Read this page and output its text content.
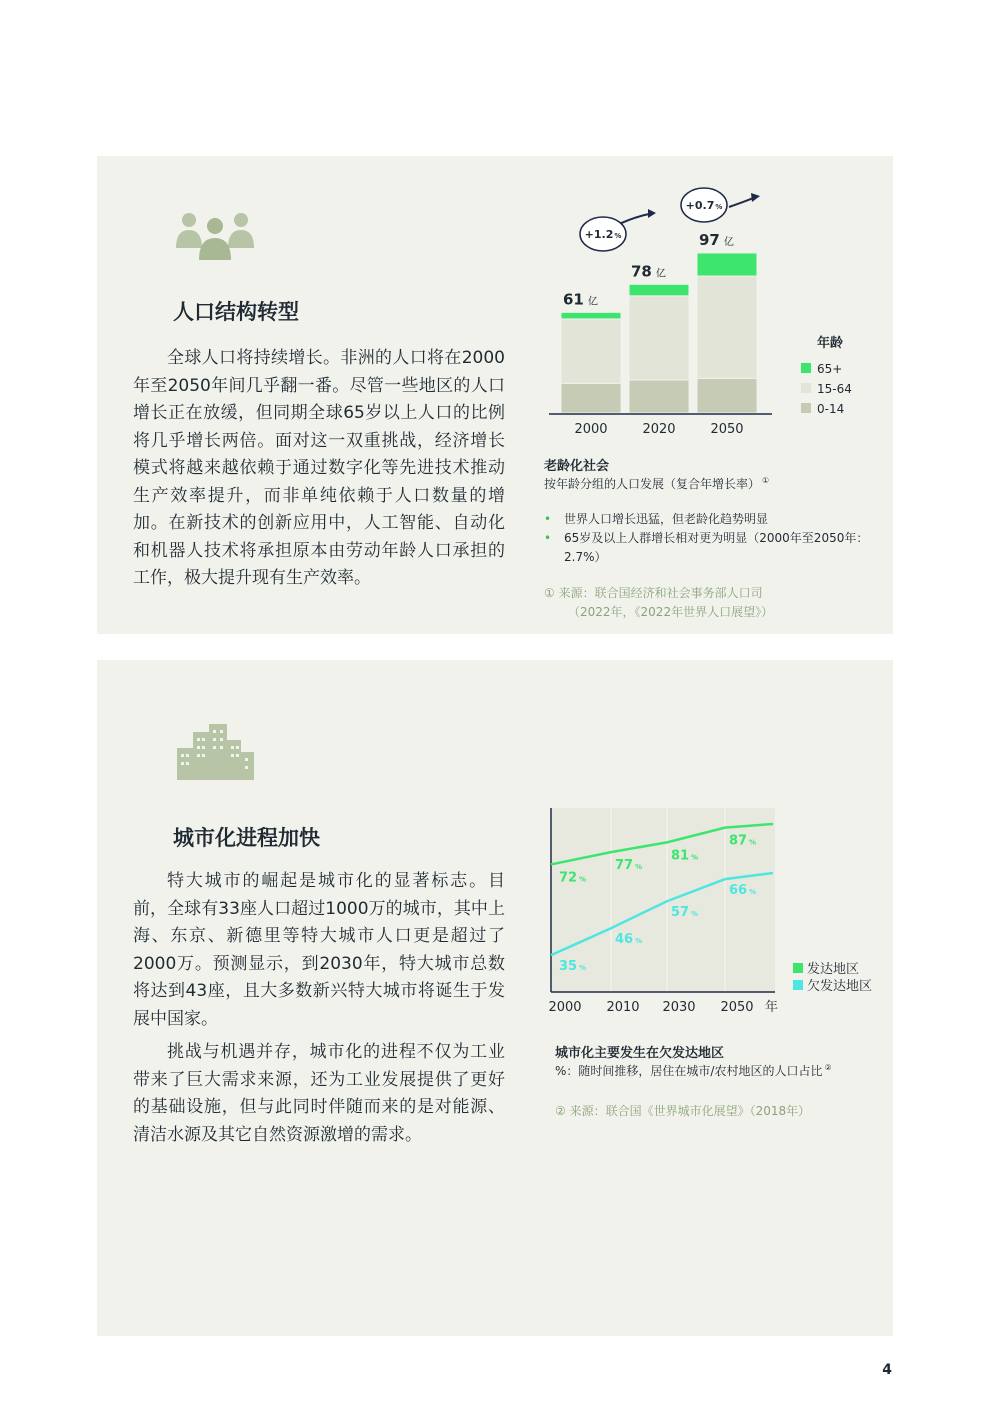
人口结构转型

全球人口将持续增长。非洲的人口将在2000年至2050年间几乎翻一番。尽管一些地区的人口增长正在放缓，但同期全球65岁以上人口的比例将几乎增长两倍。面对这一双重挑战，经济增长模式将越来越依赖于通过数字化等先进技术推动生产效率提升，而非单纯依赖于人口数量的增加。在新技术的创新应用中，人工智能、自动化和机器人技术将承担原本由劳动年龄人口承担的工作，极大提升现有生产效率。

61 亿
2000
78 亿
2020
97 亿
2050
+1.2%
+0.7%
年龄
65+
15-64
0-14
老龄化社会
按年龄分组的人口发展（复合年增长率） ①
• 世界人口增长迅猛，但老龄化趋势明显
• 65岁及以上人群增长相对更为明显（2000年至2050年：2.7%）
① 来源：联合国经济和社会事务部人口司
（2022年，《2022年世界人口展望》）
城市化进程加快

特大城市的崛起是城市化的显著标志。目前，全球有33座人口超过1000万的城市，其中上海、东京、新德里等特大城市人口更是超过了2000万。预测显示，到2030年，特大城市总数将达到43座，且大多数新兴特大城市将诞生于发展中国家。

挑战与机遇并存，城市化的进程不仅为工业带来了巨大需求来源，还为工业发展提供了更好的基础设施，但与此同时伴随而来的是对能源、清洁水源及其它自然资源激增的需求。

72 %
77 %
81 %
87 %
35 %
46 %
57 %
66 %
2000 2010 2030 2050 年
发达地区
欠发达地区
城市化主要发生在欠发达地区
%：随时间推移，居住在城市/农村地区的人口占比 ②
② 来源：联合国《世界城市化展望》（2018年）
4
